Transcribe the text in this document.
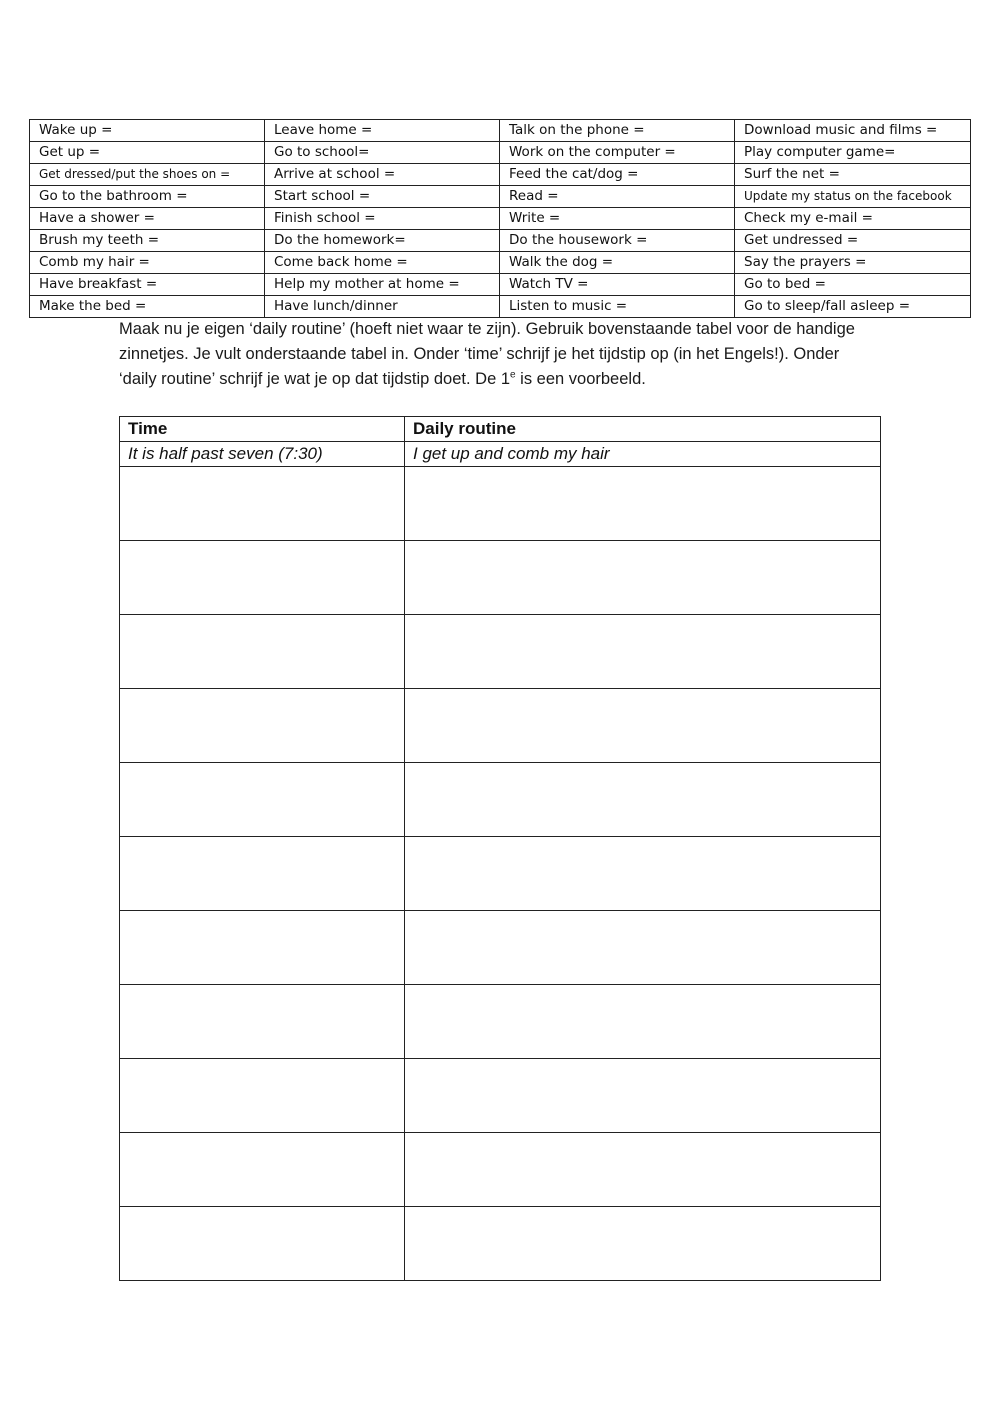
Wake up =	Leave home =	Talk on the phone =	Download music and films =
Get up =	Go to school=	Work on the computer =	Play computer game=
Get dressed/put the shoes on =	Arrive at school =	Feed the cat/dog =	Surf the net =
Go to the bathroom =	Start school =	Read =	Update my status on the facebook
Have a shower =	Finish school =	Write =	Check my e-mail =
Brush my teeth =	Do the homework=	Do the housework =	Get undressed =
Comb my hair =	Come back home =	Walk the dog =	Say the prayers =
Have breakfast =	Help my mother at home =	Watch TV =	Go to bed =
Make the bed =	Have lunch/dinner	Listen to music =	Go to sleep/fall asleep =
Maak nu je eigen ‘daily routine’ (hoeft niet waar te zijn). Gebruik bovenstaande tabel voor de handige zinnetjes. Je vult onderstaande tabel in. Onder ‘time’ schrijf je het tijdstip op (in het Engels!). Onder ‘daily routine’ schrijf je wat je op dat tijdstip doet. De 1e is een voorbeeld.
Time	Daily routine
It is half past seven (7:30)	I get up and comb my hair
